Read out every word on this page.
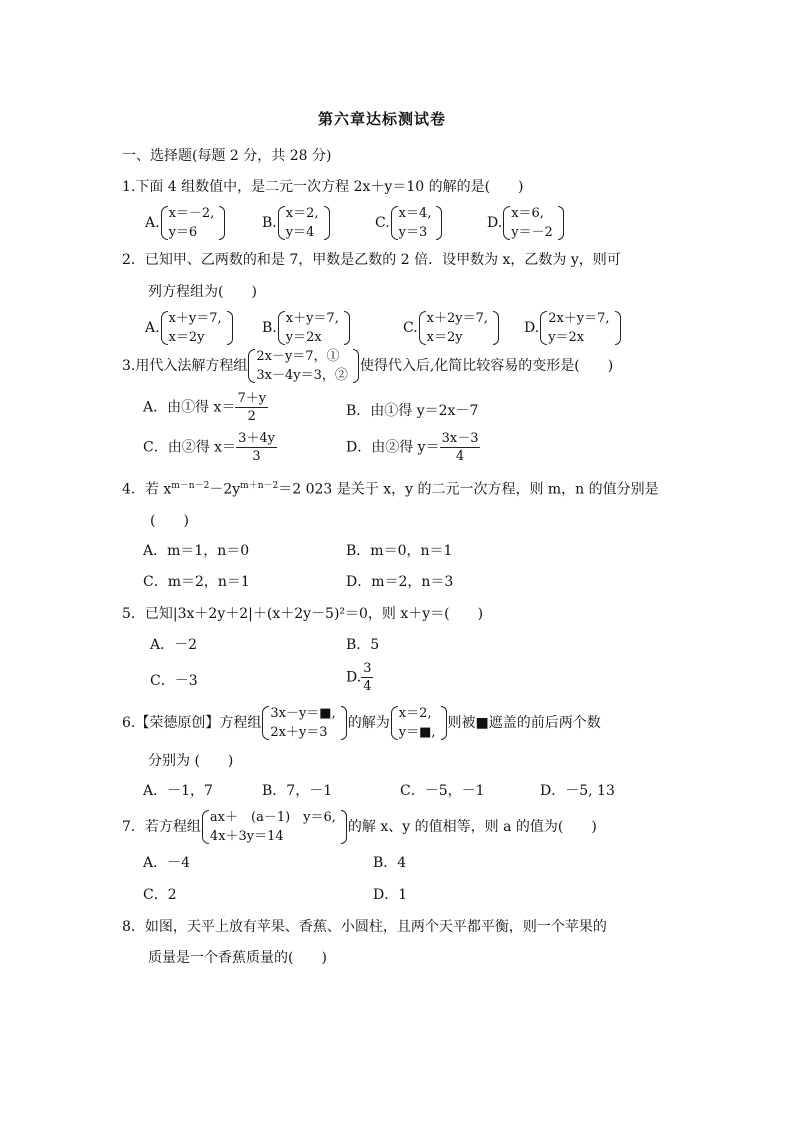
第六章达标测试卷
一、选择题(每题 2 分，共 28 分)
1.下面 4 组数值中，是二元一次方程 2x＋y＝10 的解的是(　　)
A.
x＝－2,
y＝6
B.
x＝2,
y＝4
C.
x＝4,
y＝3
D.
x＝6,
y＝－2
2．已知甲、乙两数的和是 7，甲数是乙数的 2 倍．设甲数为 x，乙数为 y，则可
列方程组为(　　)
A.
x＋y＝7,
x＝2y
B.
x＋y＝7,
y＝2x
C.
x＋2y＝7,
x＝2y
D.
2x＋y＝7,
y＝2x
3.用代入法解方程组
2x－y＝7，①
3x－4y＝3，②
使得代入后,化简比较容易的变形是(　　)
A．由①得 $x= \frac{7+y}{2}$	B．由①得 y＝2x－7
C．由②得 $x= \frac{3+4y}{3}$	D．由②得 $y= \frac{3x-3}{4}$
4．若 $x^{m-n-2}-2y^{m+n-2}=2$ 023 是关于 x，y 的二元一次方程，则 m，n 的值分别是
(　　)
A．m＝1，n＝0	B．m＝0，n＝1
C．m＝2，n＝1	D．m＝2，n＝3
5．已知|3x＋2y＋2|＋(x＋2y－5)²＝0，则 x＋y＝(　　)
A．－2	B．5
C．－3	D. $\frac{3}{4}$
6.【荣德原创】方程组
3x－y＝■,
2x＋y＝3
的解为
x＝2,
y＝■,
则被■遮盖的前后两个数
分别为 (　　)
A．－1，7	B．7，－1	C．－5，－1	D．－5, 13
7．若方程组
ax＋　(a－1)　y＝6,
4x＋3y＝14
的解 x、y 的值相等，则 a 的值为(　　)
A．－4	B．4
C．2	D．1
8．如图，天平上放有苹果、香蕉、小圆柱，且两个天平都平衡，则一个苹果的
质量是一个香蕉质量的(　　)
